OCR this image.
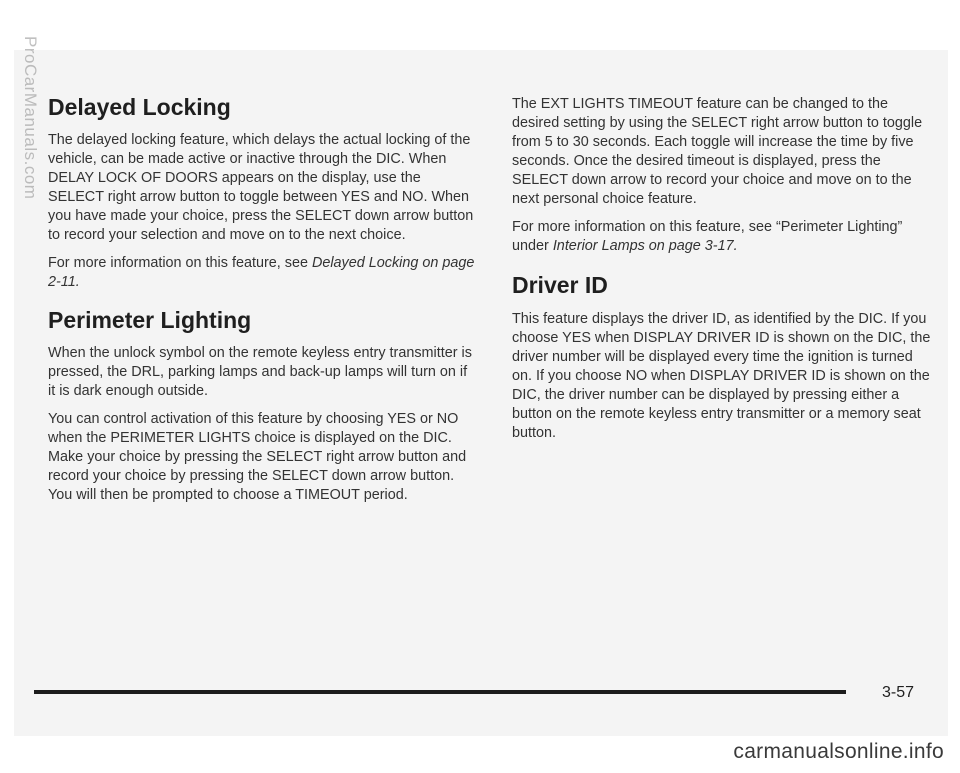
Delayed Locking

The delayed locking feature, which delays the actual locking of the vehicle, can be made active or inactive through the DIC. When DELAY LOCK OF DOORS appears on the display, use the SELECT right arrow button to toggle between YES and NO. When you have made your choice, press the SELECT down arrow button to record your selection and move on to the next choice.

For more information on this feature, see Delayed Locking on page 2-11.

Perimeter Lighting

When the unlock symbol on the remote keyless entry transmitter is pressed, the DRL, parking lamps and back-up lamps will turn on if it is dark enough outside.

You can control activation of this feature by choosing YES or NO when the PERIMETER LIGHTS choice is displayed on the DIC. Make your choice by pressing the SELECT right arrow button and record your choice by pressing the SELECT down arrow button. You will then be prompted to choose a TIMEOUT period.

The EXT LIGHTS TIMEOUT feature can be changed to the desired setting by using the SELECT right arrow button to toggle from 5 to 30 seconds. Each toggle will increase the time by five seconds. Once the desired timeout is displayed, press the SELECT down arrow to record your choice and move on to the next personal choice feature.

For more information on this feature, see “Perimeter Lighting” under Interior Lamps on page 3-17.

Driver ID

This feature displays the driver ID, as identified by the DIC. If you choose YES when DISPLAY DRIVER ID is shown on the DIC, the driver number will be displayed every time the ignition is turned on. If you choose NO when DISPLAY DRIVER ID is shown on the DIC, the driver number can be displayed by pressing either a button on the remote keyless entry transmitter or a memory seat button.

3-57
ProCarManuals.com
carmanualsonline.info
